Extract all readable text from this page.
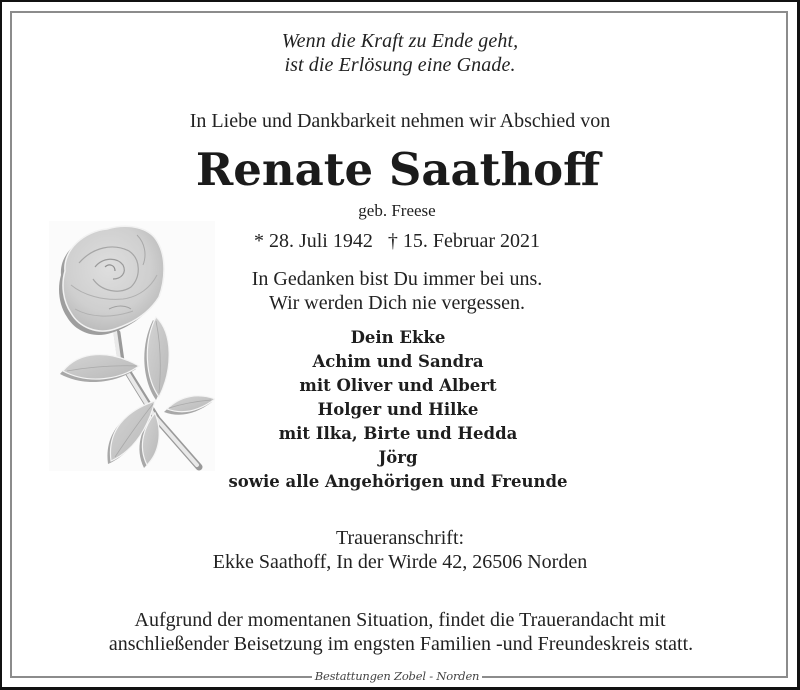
Wenn die Kraft zu Ende geht,
ist die Erlösung eine Gnade.
In Liebe und Dankbarkeit nehmen wir Abschied von
Renate Saathoff
geb. Freese
* 28. Juli 1942   † 15. Februar 2021
In Gedanken bist Du immer bei uns.
Wir werden Dich nie vergessen.
Dein Ekke
Achim und Sandra
mit Oliver und Albert
Holger und Hilke
mit Ilka, Birte und Hedda
Jörg
sowie alle Angehörigen und Freunde
Traueranschrift:
Ekke Saathoff, In der Wirde 42, 26506 Norden
Aufgrund der momentanen Situation, findet die Trauerandacht mit
anschließender Beisetzung im engsten Familien -und Freundeskreis statt.
Bestattungen Zobel - Norden
